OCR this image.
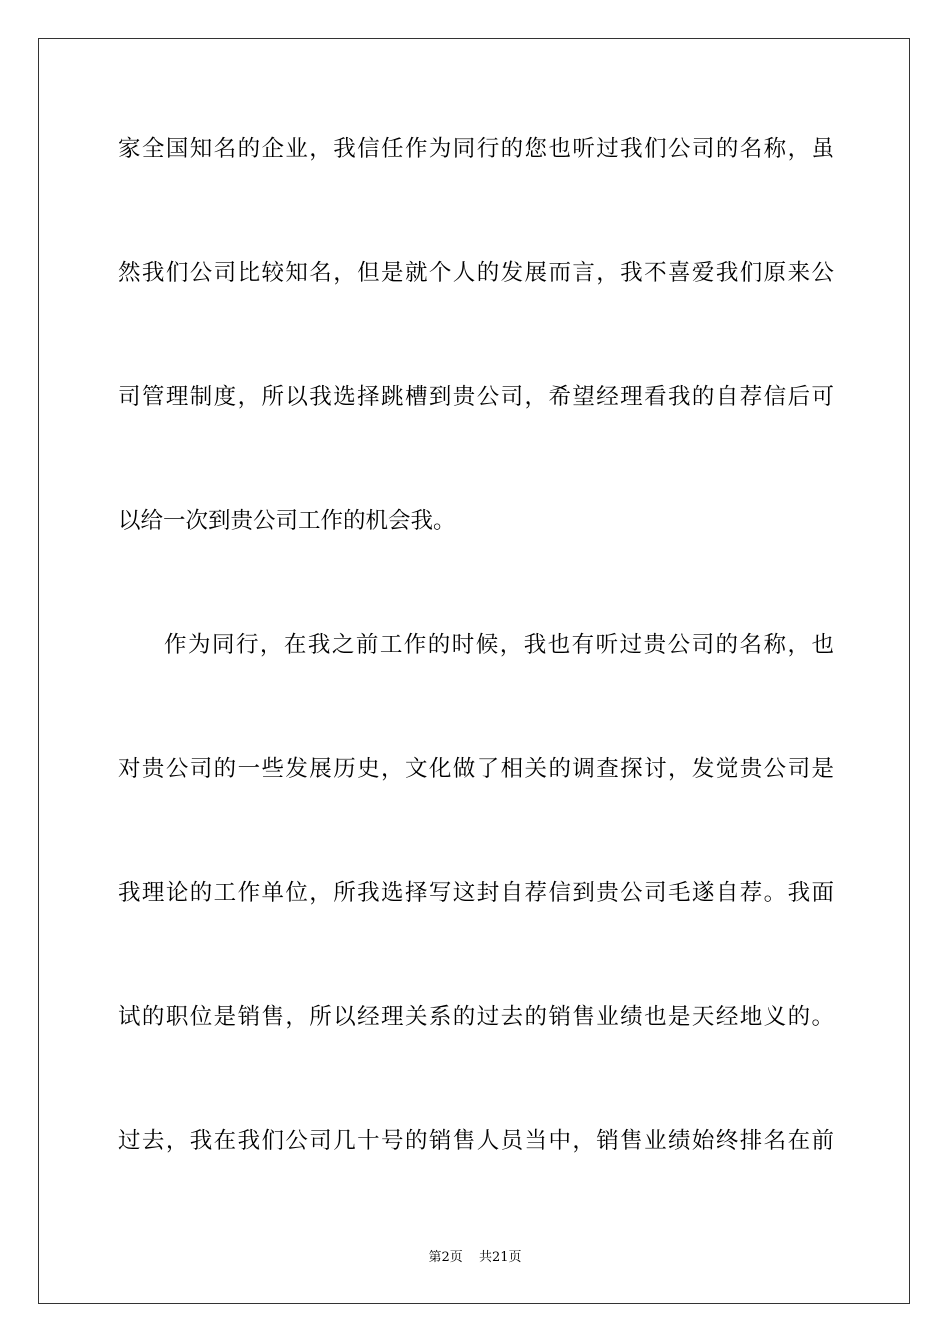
家全国知名的企业，我信任作为同行的您也听过我们公司的名称，虽

然我们公司比较知名，但是就个人的发展而言，我不喜爱我们原来公

司管理制度，所以我选择跳槽到贵公司，希望经理看我的自荐信后可

以给一次到贵公司工作的机会我。

作为同行，在我之前工作的时候，我也有听过贵公司的名称，也

对贵公司的一些发展历史，文化做了相关的调查探讨，发觉贵公司是

我理论的工作单位，所我选择写这封自荐信到贵公司毛遂自荐。我面

试的职位是销售，所以经理关系的过去的销售业绩也是天经地义的。

过去，我在我们公司几十号的销售人员当中，销售业绩始终排名在前

第2页 共21页
